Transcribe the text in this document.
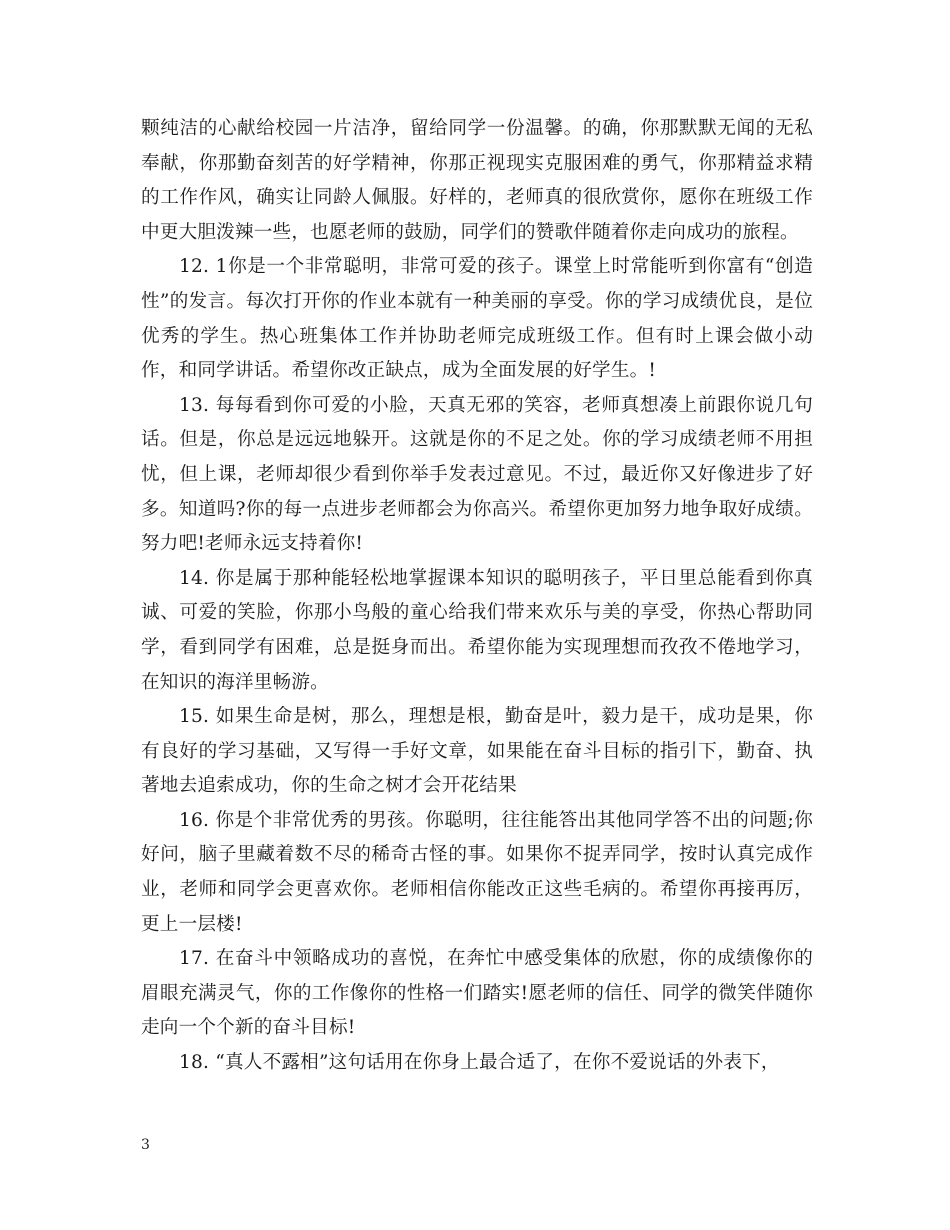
颗纯洁的心献给校园一片洁净，留给同学一份温馨。的确，你那默默无闻的无私奉献，你那勤奋刻苦的好学精神，你那正视现实克服困难的勇气，你那精益求精的工作作风，确实让同龄人佩服。好样的，老师真的很欣赏你，愿你在班级工作中更大胆泼辣一些，也愿老师的鼓励，同学们的赞歌伴随着你走向成功的旅程。

12. 1你是一个非常聪明，非常可爱的孩子。课堂上时常能听到你富有“创造性”的发言。每次打开你的作业本就有一种美丽的享受。你的学习成绩优良，是位优秀的学生。热心班集体工作并协助老师完成班级工作。但有时上课会做小动作，和同学讲话。希望你改正缺点，成为全面发展的好学生。!

13. 每每看到你可爱的小脸，天真无邪的笑容，老师真想凑上前跟你说几句话。但是，你总是远远地躲开。这就是你的不足之处。你的学习成绩老师不用担忧，但上课，老师却很少看到你举手发表过意见。不过，最近你又好像进步了好多。知道吗?你的每一点进步老师都会为你高兴。希望你更加努力地争取好成绩。努力吧!老师永远支持着你!

14. 你是属于那种能轻松地掌握课本知识的聪明孩子，平日里总能看到你真诚、可爱的笑脸，你那小鸟般的童心给我们带来欢乐与美的享受，你热心帮助同学，看到同学有困难，总是挺身而出。希望你能为实现理想而孜孜不倦地学习，在知识的海洋里畅游。

15. 如果生命是树，那么，理想是根，勤奋是叶，毅力是干，成功是果，你有良好的学习基础，又写得一手好文章，如果能在奋斗目标的指引下，勤奋、执著地去追索成功，你的生命之树才会开花结果

16. 你是个非常优秀的男孩。你聪明，往往能答出其他同学答不出的问题;你好问，脑子里藏着数不尽的稀奇古怪的事。如果你不捉弄同学，按时认真完成作业，老师和同学会更喜欢你。老师相信你能改正这些毛病的。希望你再接再厉，更上一层楼!

17. 在奋斗中领略成功的喜悦，在奔忙中感受集体的欣慰，你的成绩像你的眉眼充满灵气，你的工作像你的性格一们踏实!愿老师的信任、同学的微笑伴随你走向一个个新的奋斗目标!

18. “真人不露相”这句话用在你身上最合适了，在你不爱说话的外表下，

3
